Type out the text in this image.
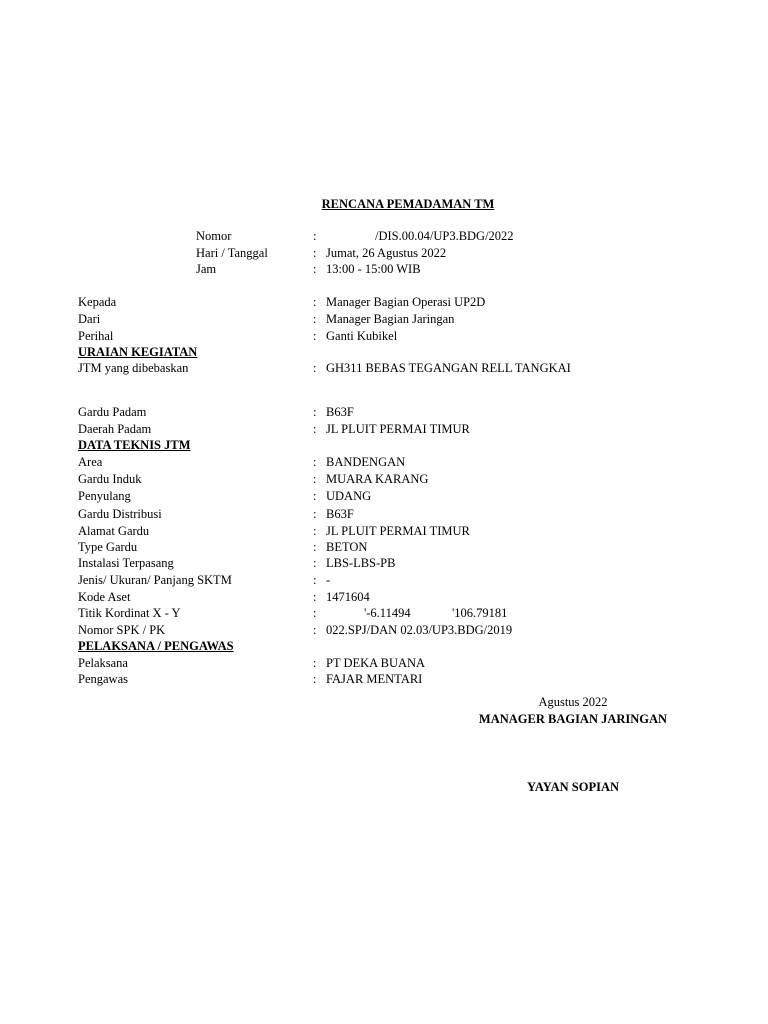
RENCANA PEMADAMAN TM
Nomor	:	/DIS.00.04/UP3.BDG/2022
Hari / Tanggal	: Jumat, 26 Agustus 2022
Jam	: 13:00 - 15:00 WIB
Kepada	: Manager Bagian Operasi UP2D
Dari	: Manager Bagian Jaringan
Perihal	: Ganti Kubikel
URAIAN KEGIATAN
JTM yang dibebaskan	: GH311 BEBAS TEGANGAN RELL TANGKAI
Gardu Padam	: B63F
Daerah Padam	: JL PLUIT PERMAI TIMUR
DATA TEKNIS JTM
Area	: BANDENGAN
Gardu Induk	: MUARA KARANG
Penyulang	: UDANG
Gardu Distribusi	: B63F
Alamat Gardu	: JL PLUIT PERMAI TIMUR
Type Gardu	: BETON
Instalasi Terpasang	: LBS-LBS-PB
Jenis/ Ukuran/ Panjang SKTM	: -
Kode Aset	: 1471604
Titik Kordinat X - Y	:	'-6.11494	'106.79181
Nomor SPK / PK	: 022.SPJ/DAN 02.03/UP3.BDG/2019
PELAKSANA / PENGAWAS
Pelaksana	: PT DEKA BUANA
Pengawas	: FAJAR MENTARI
Agustus 2022
MANAGER BAGIAN JARINGAN
YAYAN SOPIAN
